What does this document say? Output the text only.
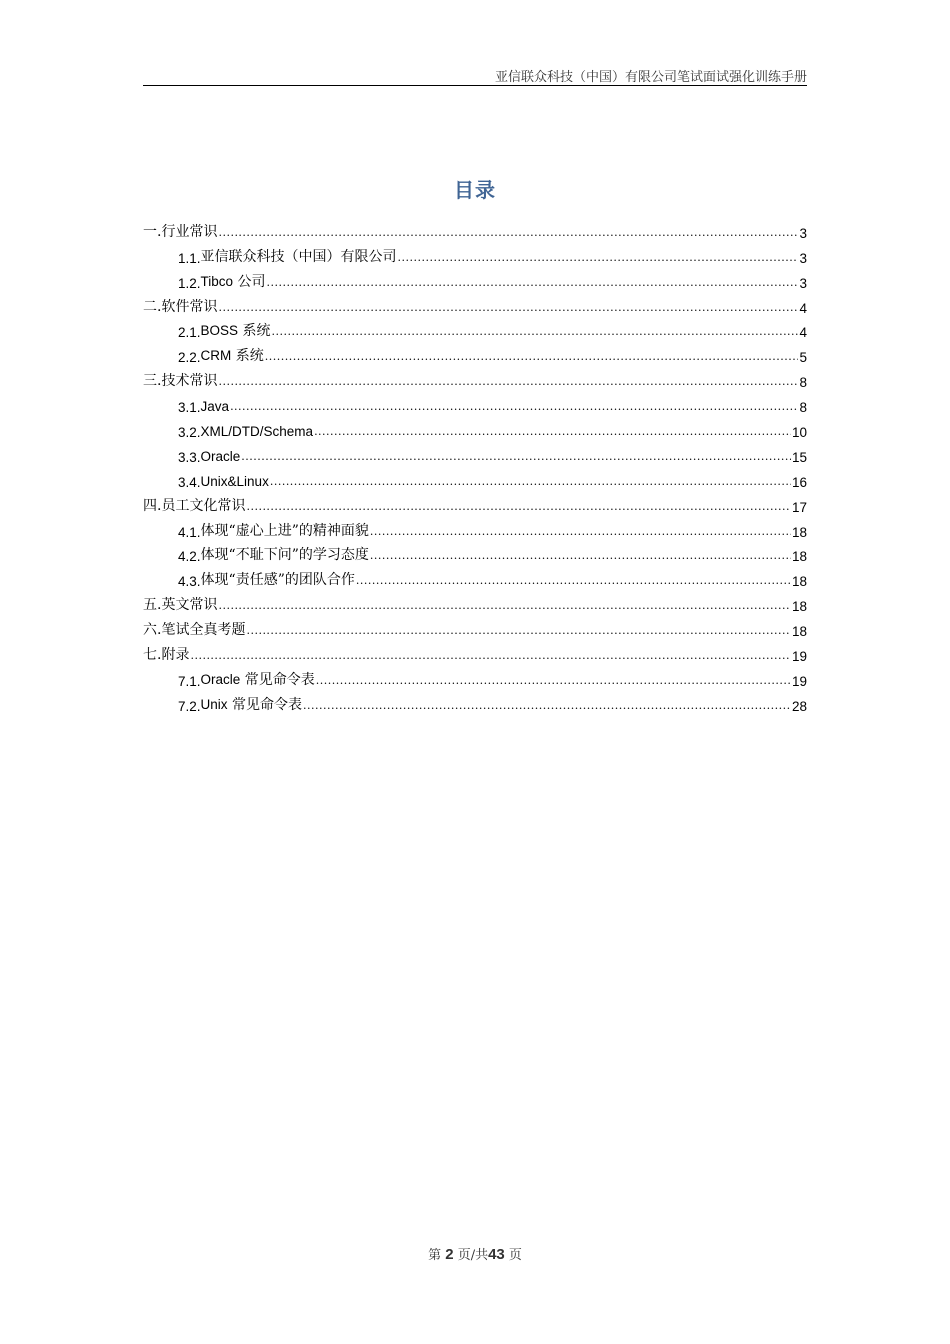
亚信联众科技（中国）有限公司笔试面试强化训练手册
目录
一. 行业常识 .....	3
1.1. 亚信联众科技（中国）有限公司 .....	3
1.2. Tibco 公司 .....	3
二. 软件常识 .....	4
2.1. BOSS 系统 .....	4
2.2. CRM 系统 .....	5
三. 技术常识 .....	8
3.1. Java .....	8
3.2. XML/DTD/Schema .....	10
3.3. Oracle .....	15
3.4. Unix&Linux .....	16
四. 员工文化常识 .....	17
4.1. 体现“虚心上进”的精神面貌 .....	18
4.2. 体现“不耻下问”的学习态度 .....	18
4.3. 体现“责任感”的团队合作 .....	18
五. 英文常识 .....	18
六. 笔试全真考题 .....	18
七. 附录 .....	19
7.1. Oracle 常见命令表 .....	19
7.2. Unix 常见命令表 .....	28
第 2 页/共43 页
